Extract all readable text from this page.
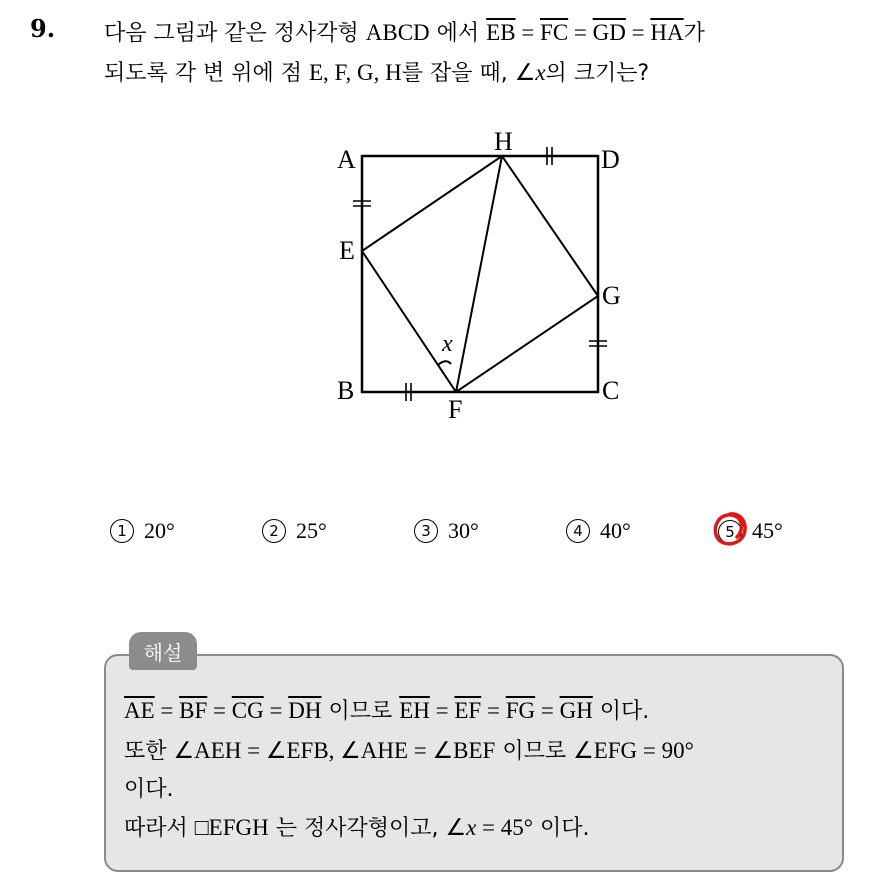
9. 다음 그림과 같은 정사각형 ABCD 에서 $\overline{EB} = \overline{FC} = \overline{GD} = \overline{HA}$가
되도록 각 변 위에 점 E, F, G, H를 잡을 때, ∠x의 크기는?
A
H
D
E
G
B	C
F
x
1 20°	2 25°	3 30°	4 40°	5 45°
해설
$\overline{AE} = \overline{BF} = \overline{CG} = \overline{DH}$ 이므로 $\overline{EH} = \overline{EF} = \overline{FG} = \overline{GH}$ 이다.
또한 ∠AEH = ∠EFB, ∠AHE = ∠BEF 이므로 ∠EFG = 90°
이다.
따라서 □EFGH 는 정사각형이고, ∠x = 45° 이다.
